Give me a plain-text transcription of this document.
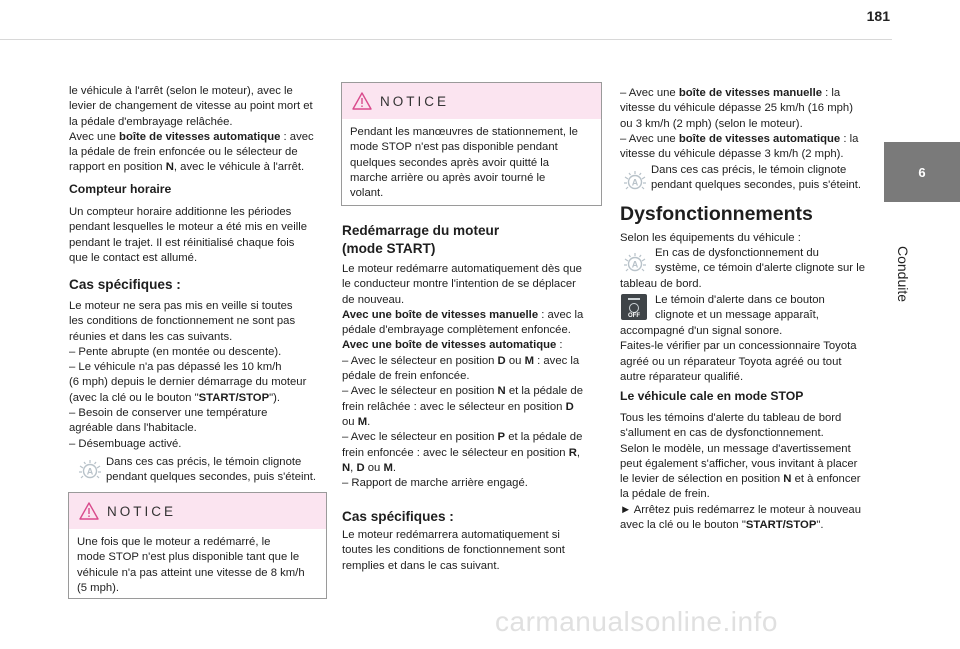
181
6
Conduite

le véhicule à l'arrêt (selon le moteur), avec le

levier de changement de vitesse au point mort et

la pédale d'embrayage relâchée.

Avec une boîte de vitesses automatique : avec

la pédale de frein enfoncée ou le sélecteur de

rapport en position N, avec le véhicule à l'arrêt.

Compteur horaire

Un compteur horaire additionne les périodes

pendant lesquelles le moteur a été mis en veille

pendant le trajet. Il est réinitialisé chaque fois

que le contact est allumé.

Cas spécifiques :

Le moteur ne sera pas mis en veille si toutes

les conditions de fonctionnement ne sont pas

réunies et dans les cas suivants.

– Pente abrupte (en montée ou descente).

– Le véhicule n'a pas dépassé les 10 km/h

(6 mph) depuis le dernier démarrage du moteur

(avec la clé ou le bouton "START/STOP").

– Besoin de conserver une température

agréable dans l'habitacle.

– Désembuage activé.

A

Dans ces cas précis, le témoin clignote

pendant quelques secondes, puis s'éteint.

NOTICE

Une fois que le moteur a redémarré, le

mode STOP n'est plus disponible tant que le

véhicule n'a pas atteint une vitesse de 8 km/h

(5 mph).

NOTICE

Pendant les manœuvres de stationnement, le

mode STOP n'est pas disponible pendant

quelques secondes après avoir quitté la

marche arrière ou après avoir tourné le

volant.

Redémarrage du moteur

(mode START)

Le moteur redémarre automatiquement dès que

le conducteur montre l'intention de se déplacer

de nouveau.

Avec une boîte de vitesses manuelle : avec la

pédale d'embrayage complètement enfoncée.

Avec une boîte de vitesses automatique :

– Avec le sélecteur en position D ou M : avec la

pédale de frein enfoncée.

– Avec le sélecteur en position N et la pédale de

frein relâchée : avec le sélecteur en position D

ou M.

– Avec le sélecteur en position P et la pédale de

frein enfoncée : avec le sélecteur en position R,

N, D ou M.

– Rapport de marche arrière engagé.

Cas spécifiques :

Le moteur redémarrera automatiquement si

toutes les conditions de fonctionnement sont

remplies et dans le cas suivant.

– Avec une boîte de vitesses manuelle : la

vitesse du véhicule dépasse 25 km/h (16 mph)

ou 3 km/h (2 mph) (selon le moteur).

– Avec une boîte de vitesses automatique : la

vitesse du véhicule dépasse 3 km/h (2 mph).

A

Dans ces cas précis, le témoin clignote

pendant quelques secondes, puis s'éteint.

Dysfonctionnements

Selon les équipements du véhicule :

A

En cas de dysfonctionnement du

système, ce témoin d'alerte clignote sur le

tableau de bord.

OFF

Le témoin d'alerte dans ce bouton

clignote et un message apparaît,

accompagné d'un signal sonore.

Faites-le vérifier par un concessionnaire Toyota

agréé ou un réparateur Toyota agréé ou tout

autre réparateur qualifié.

Le véhicule cale en mode STOP

Tous les témoins d'alerte du tableau de bord

s'allument en cas de dysfonctionnement.

Selon le modèle, un message d'avertissement

peut également s'afficher, vous invitant à placer

le levier de sélection en position N et à enfoncer

la pédale de frein.

► Arrêtez puis redémarrez le moteur à nouveau

avec la clé ou le bouton "START/STOP".

carmanualsonline.info
